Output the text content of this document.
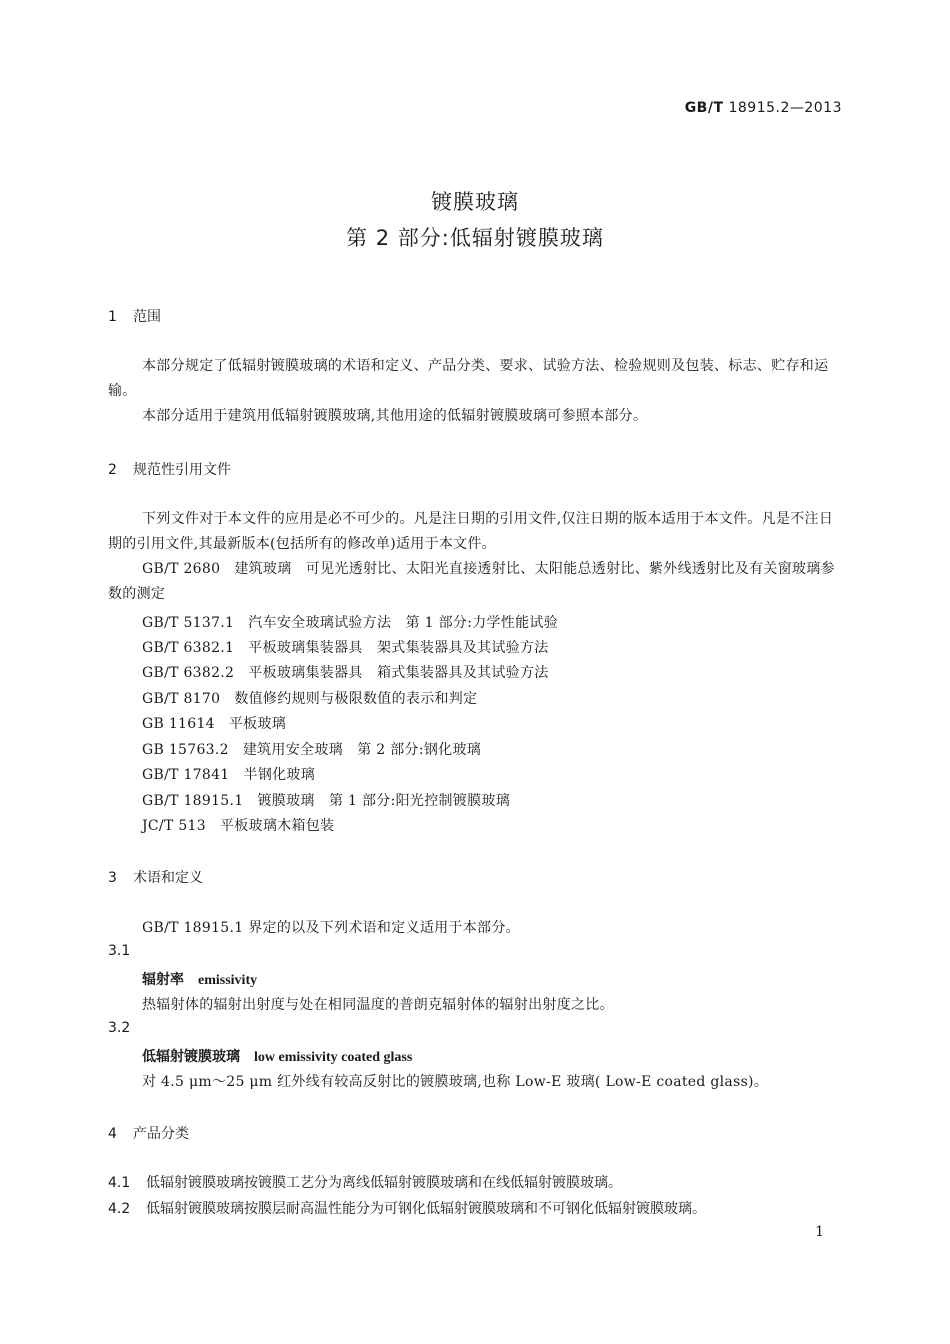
GB/T 18915.2—2013
镀膜玻璃
第 2 部分:低辐射镀膜玻璃
1 范围
本部分规定了低辐射镀膜玻璃的术语和定义、产品分类、要求、试验方法、检验规则及包装、标志、贮存和运输。
本部分适用于建筑用低辐射镀膜玻璃,其他用途的低辐射镀膜玻璃可参照本部分。
2 规范性引用文件
下列文件对于本文件的应用是必不可少的。凡是注日期的引用文件,仅注日期的版本适用于本文件。凡是不注日期的引用文件,其最新版本(包括所有的修改单)适用于本文件。
GB/T 2680 建筑玻璃　可见光透射比、太阳光直接透射比、太阳能总透射比、紫外线透射比及有关窗玻璃参数的测定
GB/T 5137.1 汽车安全玻璃试验方法　第 1 部分:力学性能试验
GB/T 6382.1 平板玻璃集装器具　架式集装器具及其试验方法
GB/T 6382.2 平板玻璃集装器具　箱式集装器具及其试验方法
GB/T 8170 数值修约规则与极限数值的表示和判定
GB 11614 平板玻璃
GB 15763.2 建筑用安全玻璃　第 2 部分:钢化玻璃
GB/T 17841 半钢化玻璃
GB/T 18915.1 镀膜玻璃　第 1 部分:阳光控制镀膜玻璃
JC/T 513 平板玻璃木箱包装
3 术语和定义
GB/T 18915.1 界定的以及下列术语和定义适用于本部分。
3.1
辐射率 emissivity
热辐射体的辐射出射度与处在相同温度的普朗克辐射体的辐射出射度之比。
3.2
低辐射镀膜玻璃 low emissivity coated glass
对 4.5 μm～25 μm 红外线有较高反射比的镀膜玻璃,也称 Low-E 玻璃( Low-E coated glass)。
4 产品分类
4.1 低辐射镀膜玻璃按镀膜工艺分为离线低辐射镀膜玻璃和在线低辐射镀膜玻璃。
4.2 低辐射镀膜玻璃按膜层耐高温性能分为可钢化低辐射镀膜玻璃和不可钢化低辐射镀膜玻璃。
1
